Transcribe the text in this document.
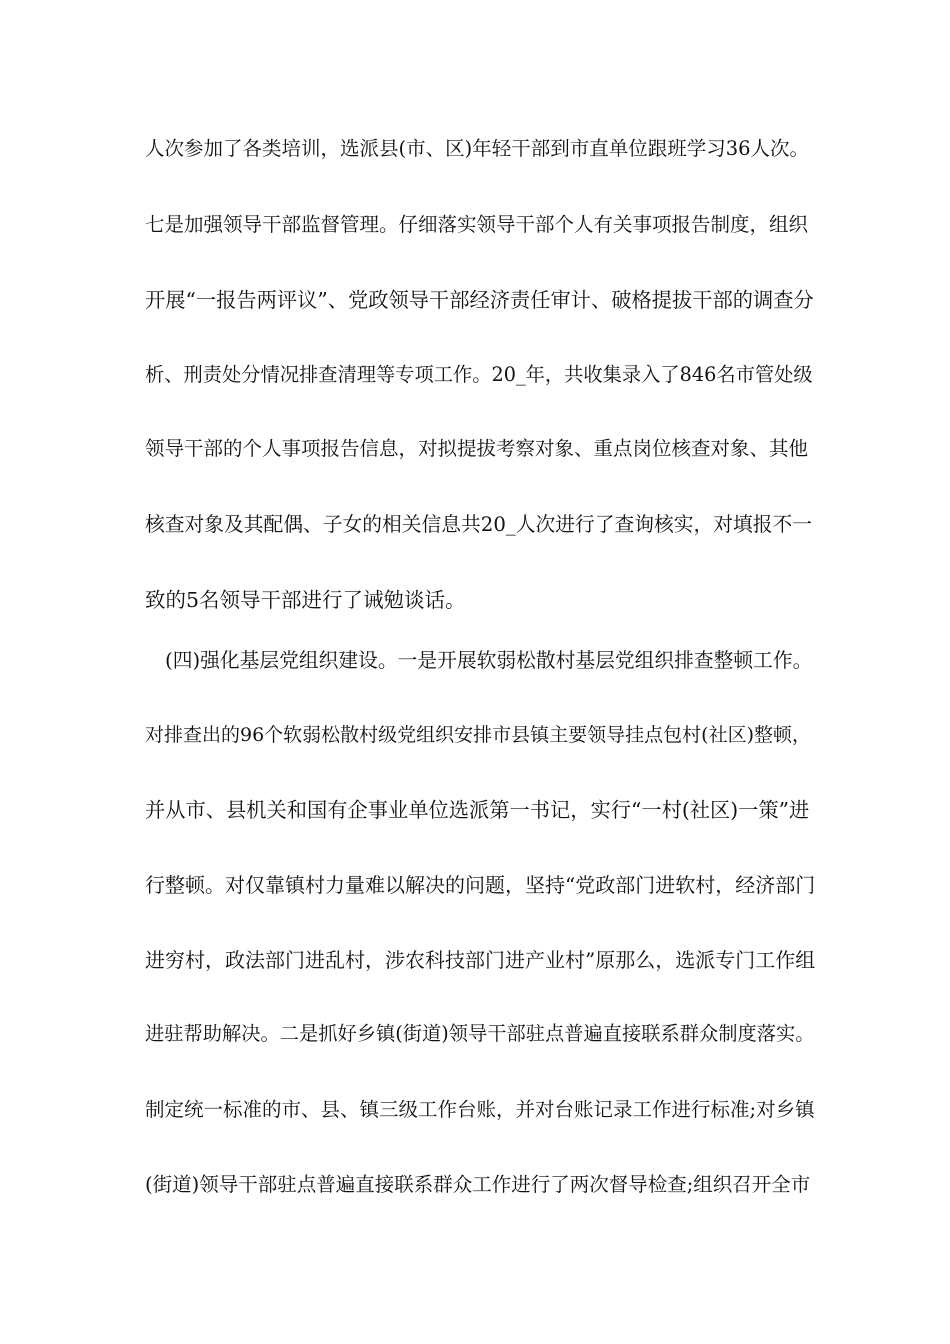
人次参加了各类培训，选派县(市、区)年轻干部到市直单位跟班学习36人次。
七是加强领导干部监督管理。仔细落实领导干部个人有关事项报告制度，组织
开展“一报告两评议”、党政领导干部经济责任审计、破格提拔干部的调查分
析、刑责处分情况排查清理等专项工作。20_年，共收集录入了846名市管处级
领导干部的个人事项报告信息，对拟提拔考察对象、重点岗位核查对象、其他
核查对象及其配偶、子女的相关信息共20_人次进行了查询核实，对填报不一
致的5名领导干部进行了诫勉谈话。
(四)强化基层党组织建设。一是开展软弱松散村基层党组织排查整顿工作。
对排查出的96个软弱松散村级党组织安排市县镇主要领导挂点包村(社区)整顿，
并从市、县机关和国有企事业单位选派第一书记，实行“一村(社区)一策”进
行整顿。对仅靠镇村力量难以解决的问题，坚持“党政部门进软村，经济部门
进穷村，政法部门进乱村，涉农科技部门进产业村”原那么，选派专门工作组
进驻帮助解决。二是抓好乡镇(街道)领导干部驻点普遍直接联系群众制度落实。
制定统一标准的市、县、镇三级工作台账，并对台账记录工作进行标准;对乡镇
(街道)领导干部驻点普遍直接联系群众工作进行了两次督导检查;组织召开全市
